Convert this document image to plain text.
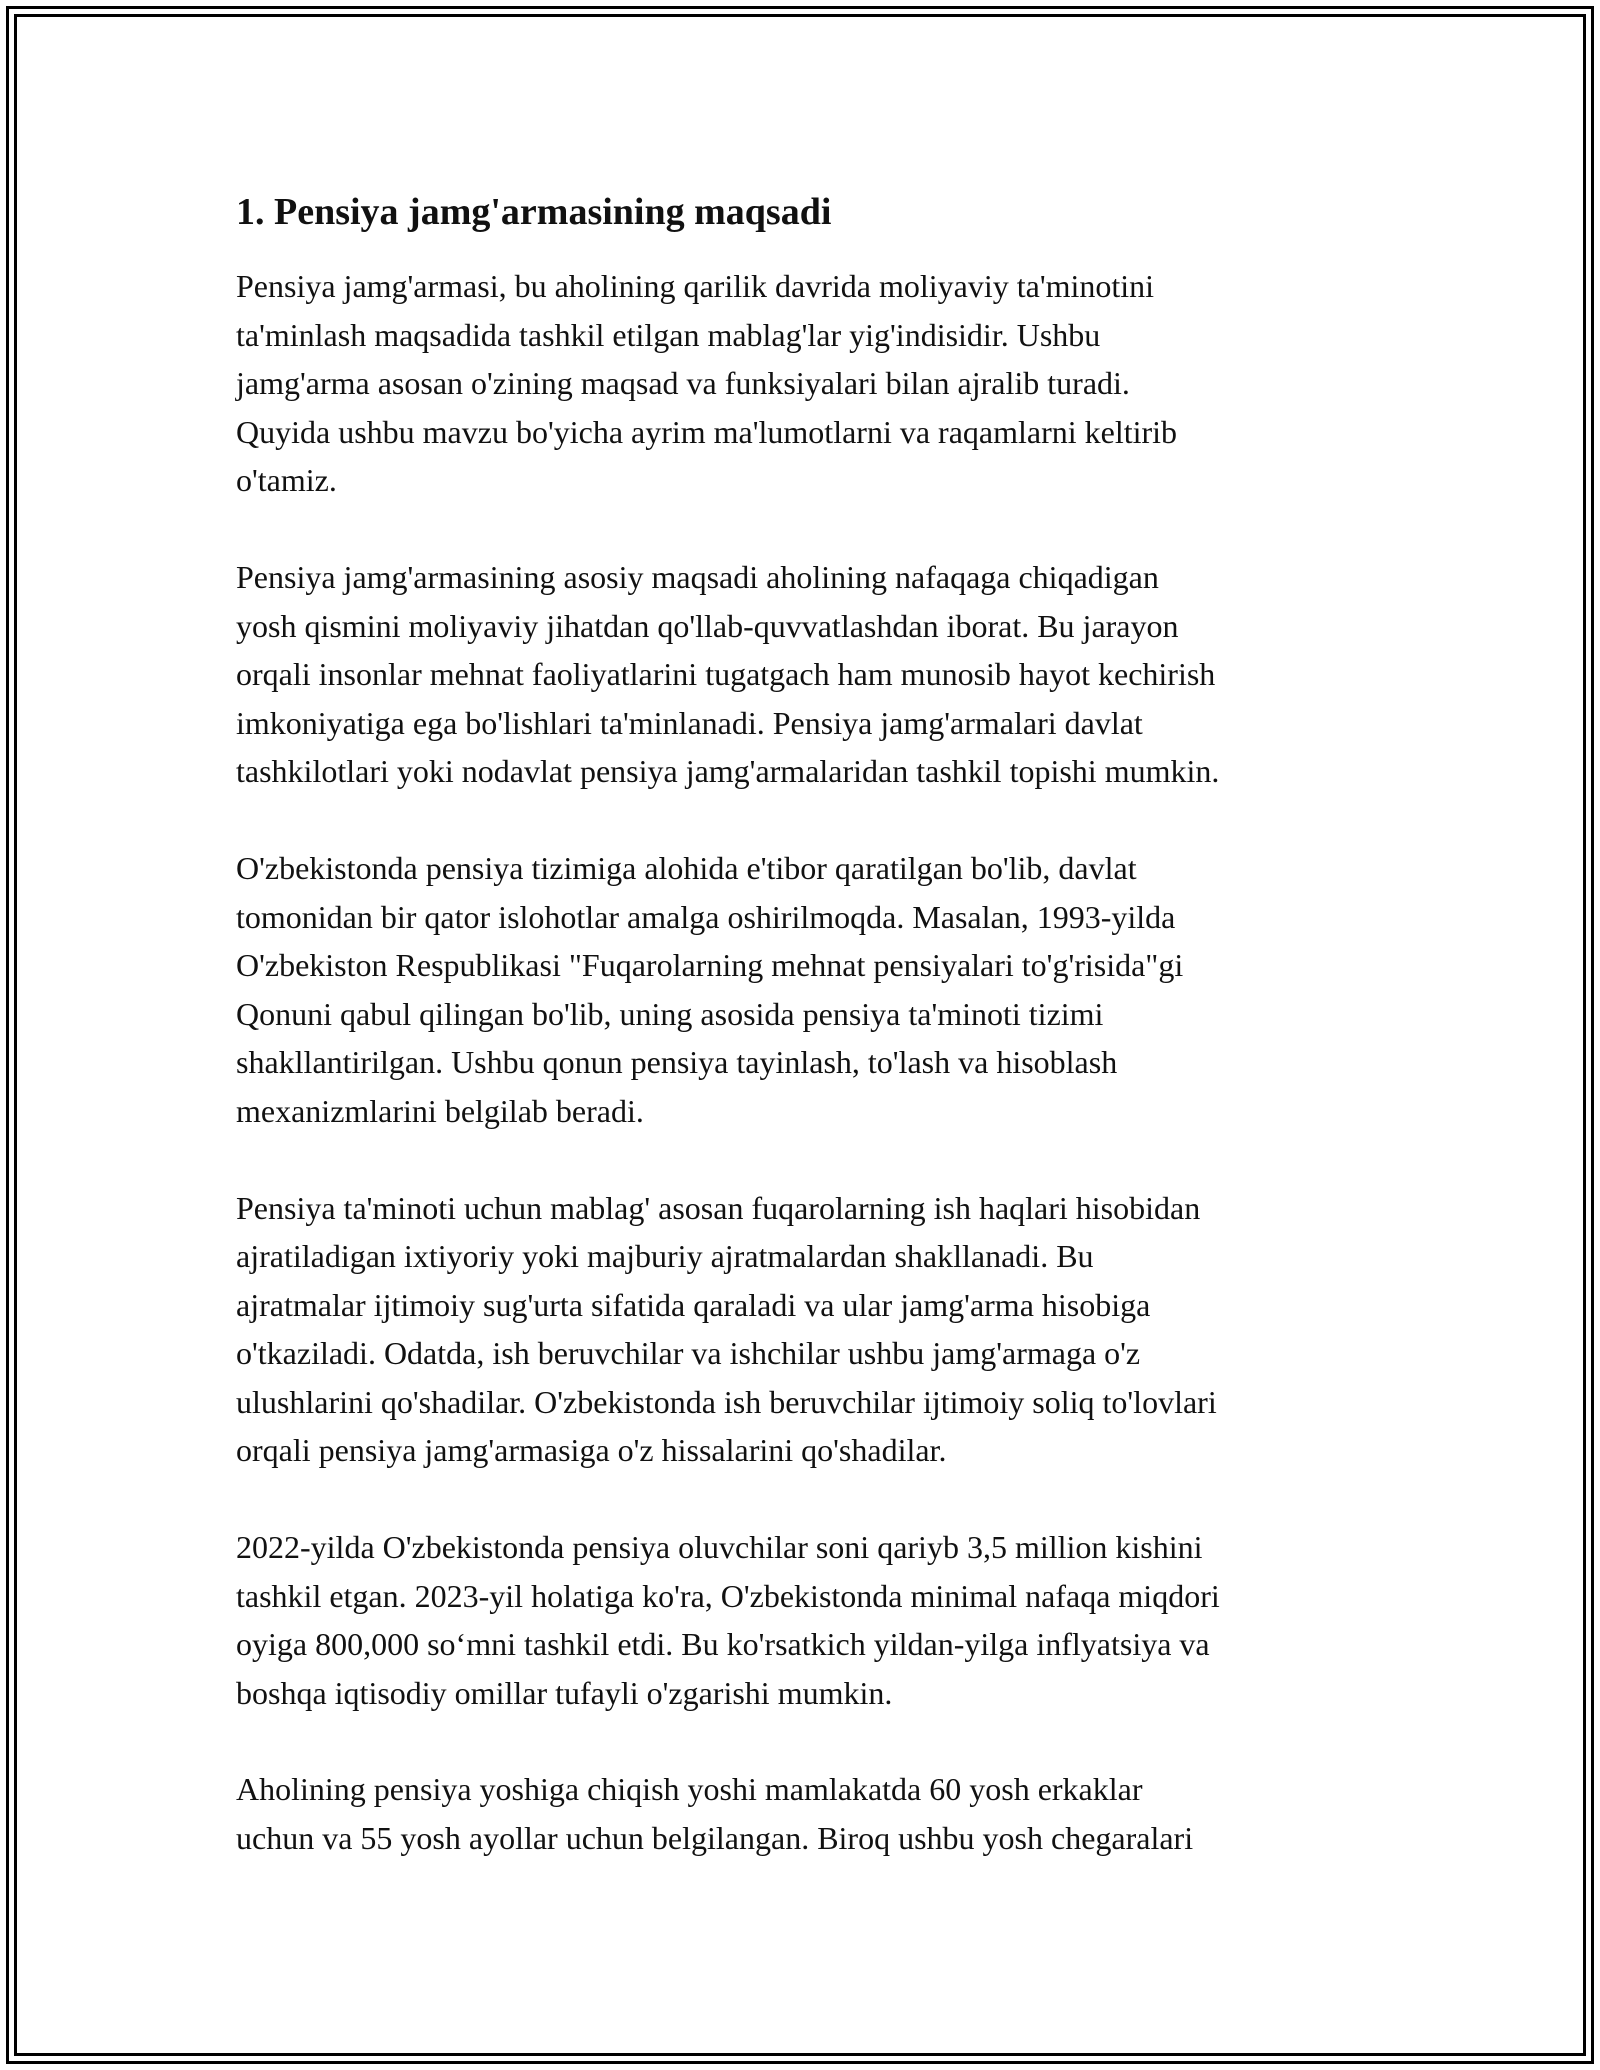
1. Pensiya jamg'armasining maqsadi

Pensiya jamg'armasi, bu aholining qarilik davrida moliyaviy ta'minotini
ta'minlash maqsadida tashkil etilgan mablag'lar yig'indisidir. Ushbu
jamg'arma asosan o'zining maqsad va funksiyalari bilan ajralib turadi.
Quyida ushbu mavzu bo'yicha ayrim ma'lumotlarni va raqamlarni keltirib
o'tamiz.

Pensiya jamg'armasining asosiy maqsadi aholining nafaqaga chiqadigan
yosh qismini moliyaviy jihatdan qo'llab-quvvatlashdan iborat. Bu jarayon
orqali insonlar mehnat faoliyatlarini tugatgach ham munosib hayot kechirish
imkoniyatiga ega bo'lishlari ta'minlanadi. Pensiya jamg'armalari davlat
tashkilotlari yoki nodavlat pensiya jamg'armalaridan tashkil topishi mumkin.

O'zbekistonda pensiya tizimiga alohida e'tibor qaratilgan bo'lib, davlat
tomonidan bir qator islohotlar amalga oshirilmoqda. Masalan, 1993-yilda
O'zbekiston Respublikasi "Fuqarolarning mehnat pensiyalari to'g'risida"gi
Qonuni qabul qilingan bo'lib, uning asosida pensiya ta'minoti tizimi
shakllantirilgan. Ushbu qonun pensiya tayinlash, to'lash va hisoblash
mexanizmlarini belgilab beradi.

Pensiya ta'minoti uchun mablag' asosan fuqarolarning ish haqlari hisobidan
ajratiladigan ixtiyoriy yoki majburiy ajratmalardan shakllanadi. Bu
ajratmalar ijtimoiy sug'urta sifatida qaraladi va ular jamg'arma hisobiga
o'tkaziladi. Odatda, ish beruvchilar va ishchilar ushbu jamg'armaga o'z
ulushlarini qo'shadilar. O'zbekistonda ish beruvchilar ijtimoiy soliq to'lovlari
orqali pensiya jamg'armasiga o'z hissalarini qo'shadilar.

2022-yilda O'zbekistonda pensiya oluvchilar soni qariyb 3,5 million kishini
tashkil etgan. 2023-yil holatiga ko'ra, O'zbekistonda minimal nafaqa miqdori
oyiga 800,000 so‘mni tashkil etdi. Bu ko'rsatkich yildan-yilga inflyatsiya va
boshqa iqtisodiy omillar tufayli o'zgarishi mumkin.

Aholining pensiya yoshiga chiqish yoshi mamlakatda 60 yosh erkaklar
uchun va 55 yosh ayollar uchun belgilangan. Biroq ushbu yosh chegaralari
